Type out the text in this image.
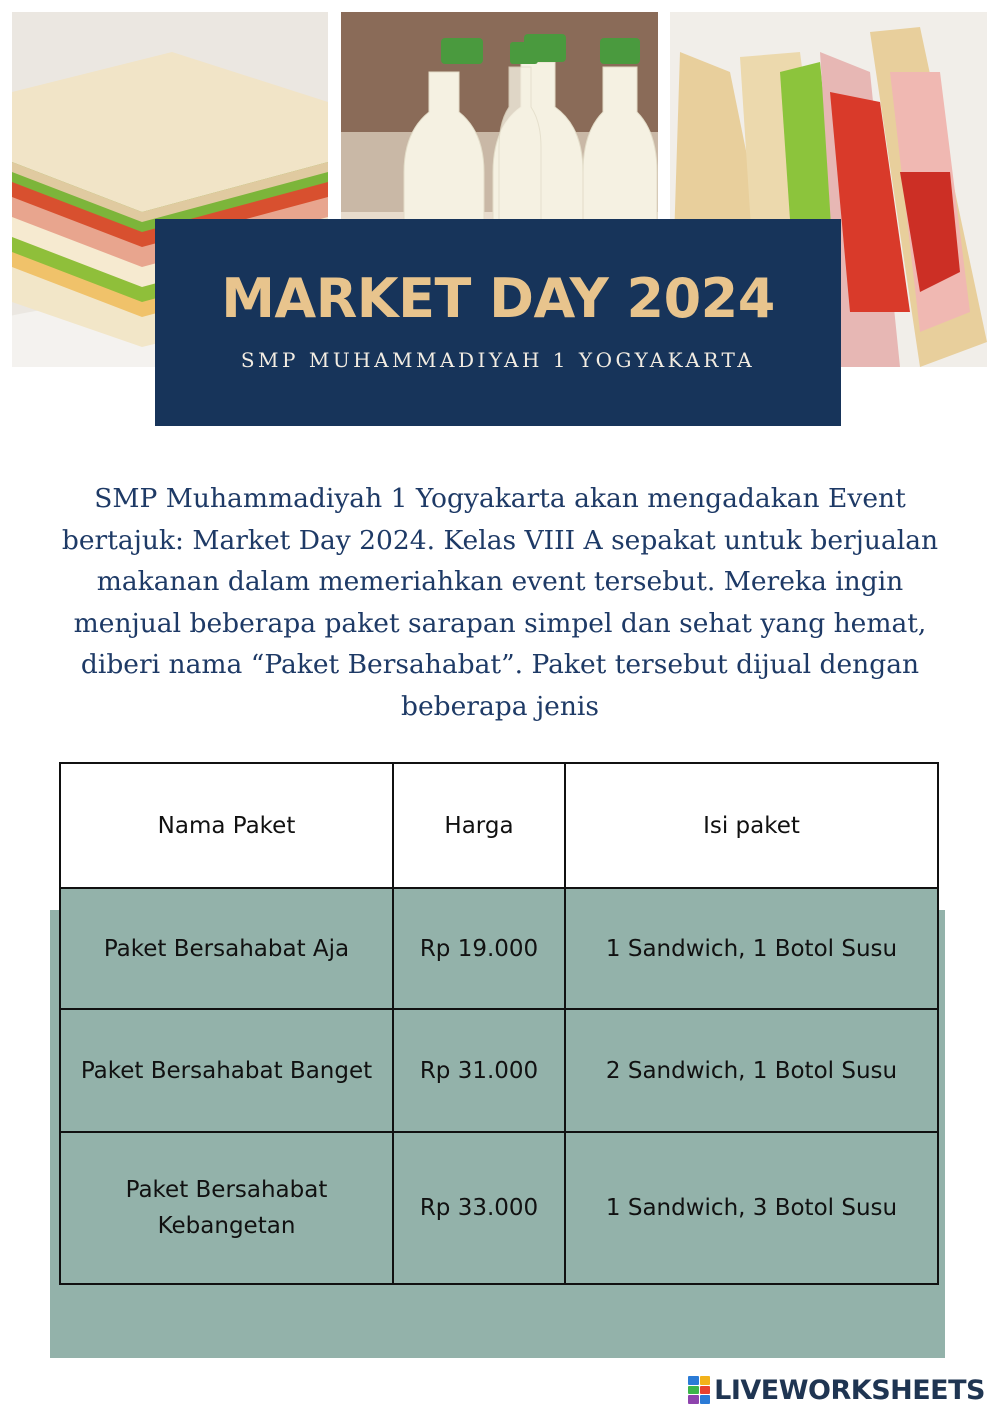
MARKET DAY 2024
SMP MUHAMMADIYAH 1 YOGYAKARTA
SMP Muhammadiyah 1 Yogyakarta akan mengadakan Event bertajuk: Market Day 2024. Kelas VIII A sepakat untuk berjualan makanan dalam memeriahkan event tersebut. Mereka ingin menjual beberapa paket sarapan simpel dan sehat yang hemat, diberi nama “Paket Bersahabat”. Paket tersebut dijual dengan beberapa jenis
Nama Paket	Harga	Isi paket
Paket Bersahabat Aja	Rp 19.000	1 Sandwich, 1 Botol Susu
Paket Bersahabat Banget	Rp 31.000	2 Sandwich, 1 Botol Susu
Paket Bersahabat Kebangetan	Rp 33.000	1 Sandwich, 3 Botol Susu
LIVEWORKSHEETS
